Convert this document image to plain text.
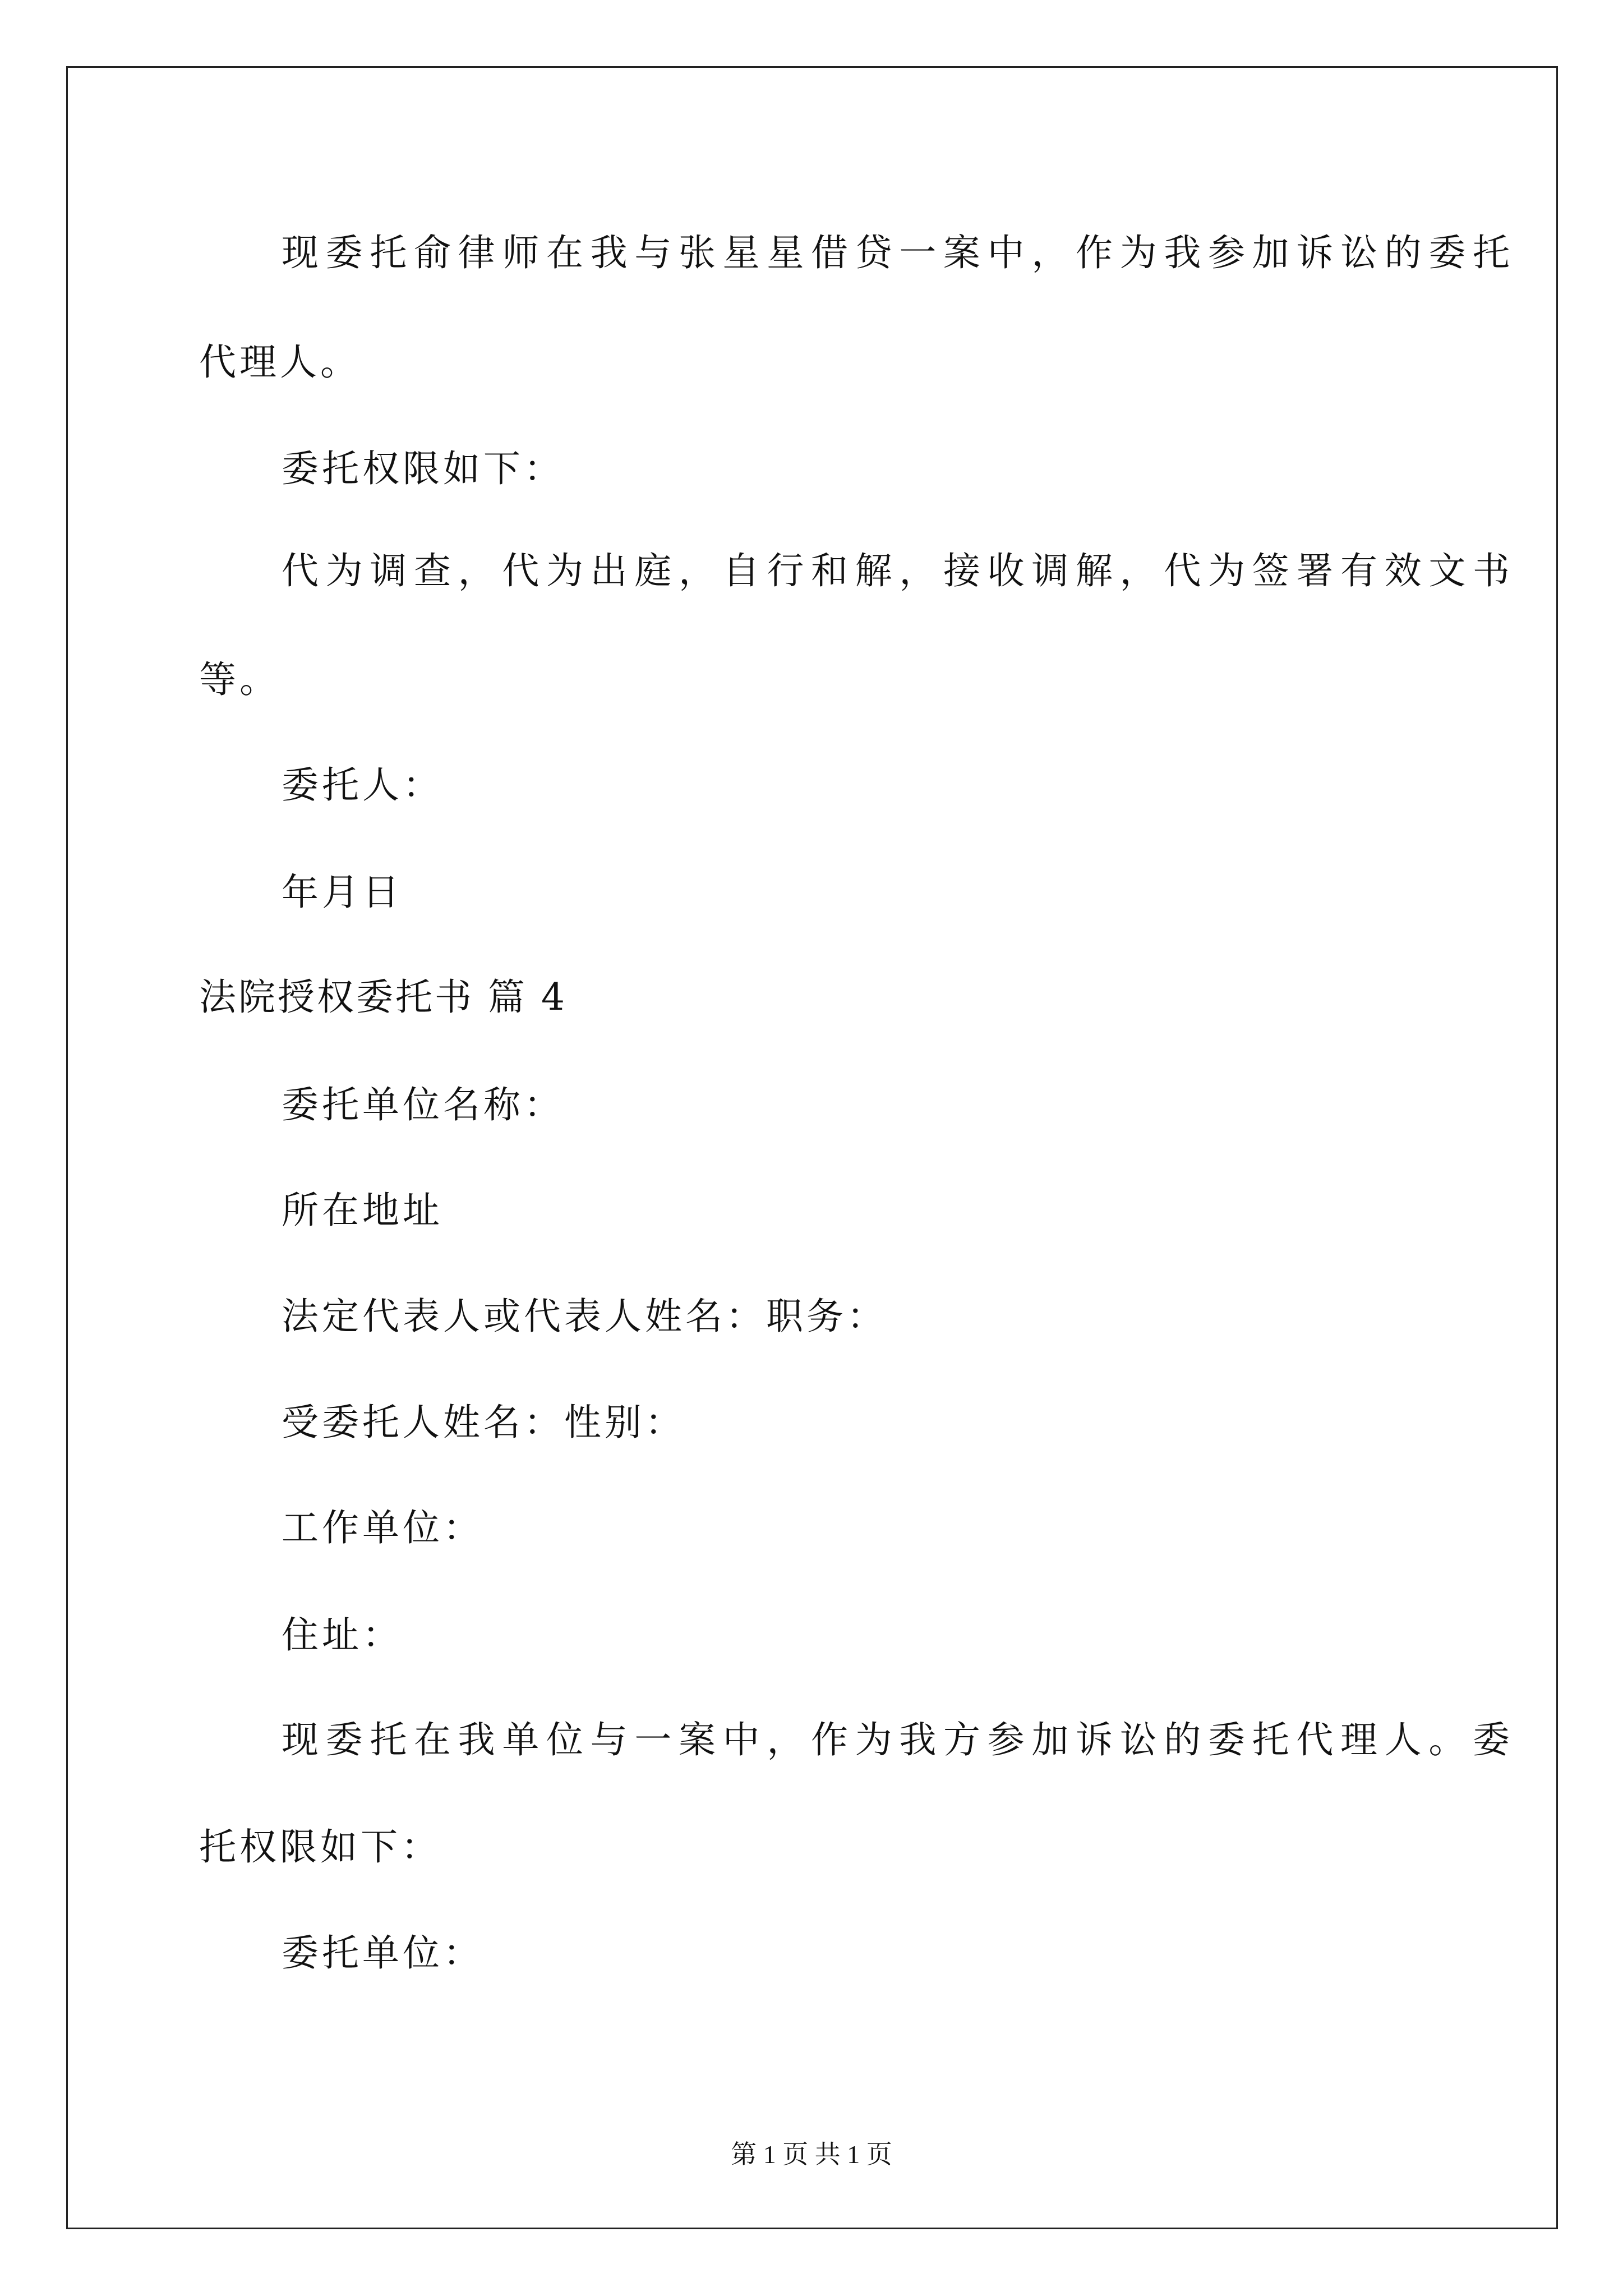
现委托俞律师在我与张星星借贷一案中，作为我参加诉讼的委托
代理人。
委托权限如下：
代为调查，代为出庭，自行和解，接收调解，代为签署有效文书
等。
委托人：
年月日
法院授权委托书 篇 4
委托单位名称：
所在地址
法定代表人或代表人姓名：职务：
受委托人姓名：性别：
工作单位：
住址：
现委托在我单位与一案中，作为我方参加诉讼的委托代理人。委
托权限如下：
委托单位：
第 1 页 共 1 页
